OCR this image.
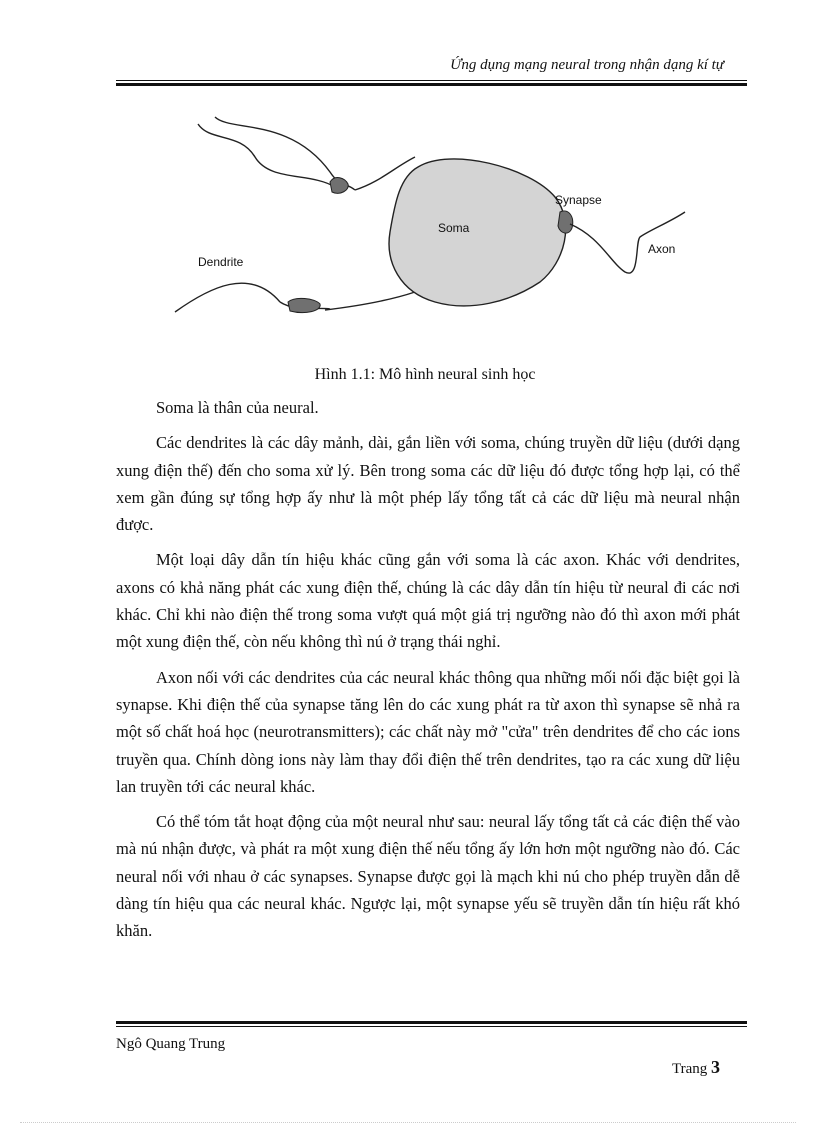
Ứng dụng mạng neural trong nhận dạng kí tự
Soma
Synapse
Axon
Dendrite
Hình 1.1: Mô hình neural sinh học

Soma là thân của neural.

Các dendrites là các dây mảnh, dài, gắn liền với soma, chúng truyền dữ liệu (dưới dạng xung điện thế) đến cho soma xử lý. Bên trong soma các dữ liệu đó được tổng hợp lại, có thể xem gần đúng sự tổng hợp ấy như là một phép lấy tổng tất cả các dữ liệu mà neural nhận được.

Một loại dây dẫn tín hiệu khác cũng gắn với soma là các axon. Khác với dendrites, axons có khả năng phát các xung điện thế, chúng là các dây dẫn tín hiệu từ neural đi các nơi khác. Chỉ khi nào điện thế trong soma vượt quá một giá trị ngưỡng nào đó thì axon mới phát một xung điện thế, còn nếu không thì nú ở trạng thái nghỉ.

Axon nối với các dendrites của các neural khác thông qua những mối nối đặc biệt gọi là synapse. Khi điện thế của synapse tăng lên do các xung phát ra từ axon thì synapse sẽ nhả ra một số chất hoá học (neurotransmitters); các chất này mở "cửa" trên dendrites để cho các ions truyền qua. Chính dòng ions này làm thay đổi điện thế trên dendrites, tạo ra các xung dữ liệu lan truyền tới các neural khác.

Có thể tóm tắt hoạt động của một neural như sau: neural lấy tổng tất cả các điện thế vào mà nú nhận được, và phát ra một xung điện thế nếu tổng ấy lớn hơn một ngưỡng nào đó. Các neural nối với nhau ở các synapses. Synapse được gọi là mạch khi nú cho phép truyền dẫn dễ dàng tín hiệu qua các neural khác. Ngược lại, một synapse yếu sẽ truyền dẫn tín hiệu rất khó khăn.

Ngô Quang Trung
Trang 3
